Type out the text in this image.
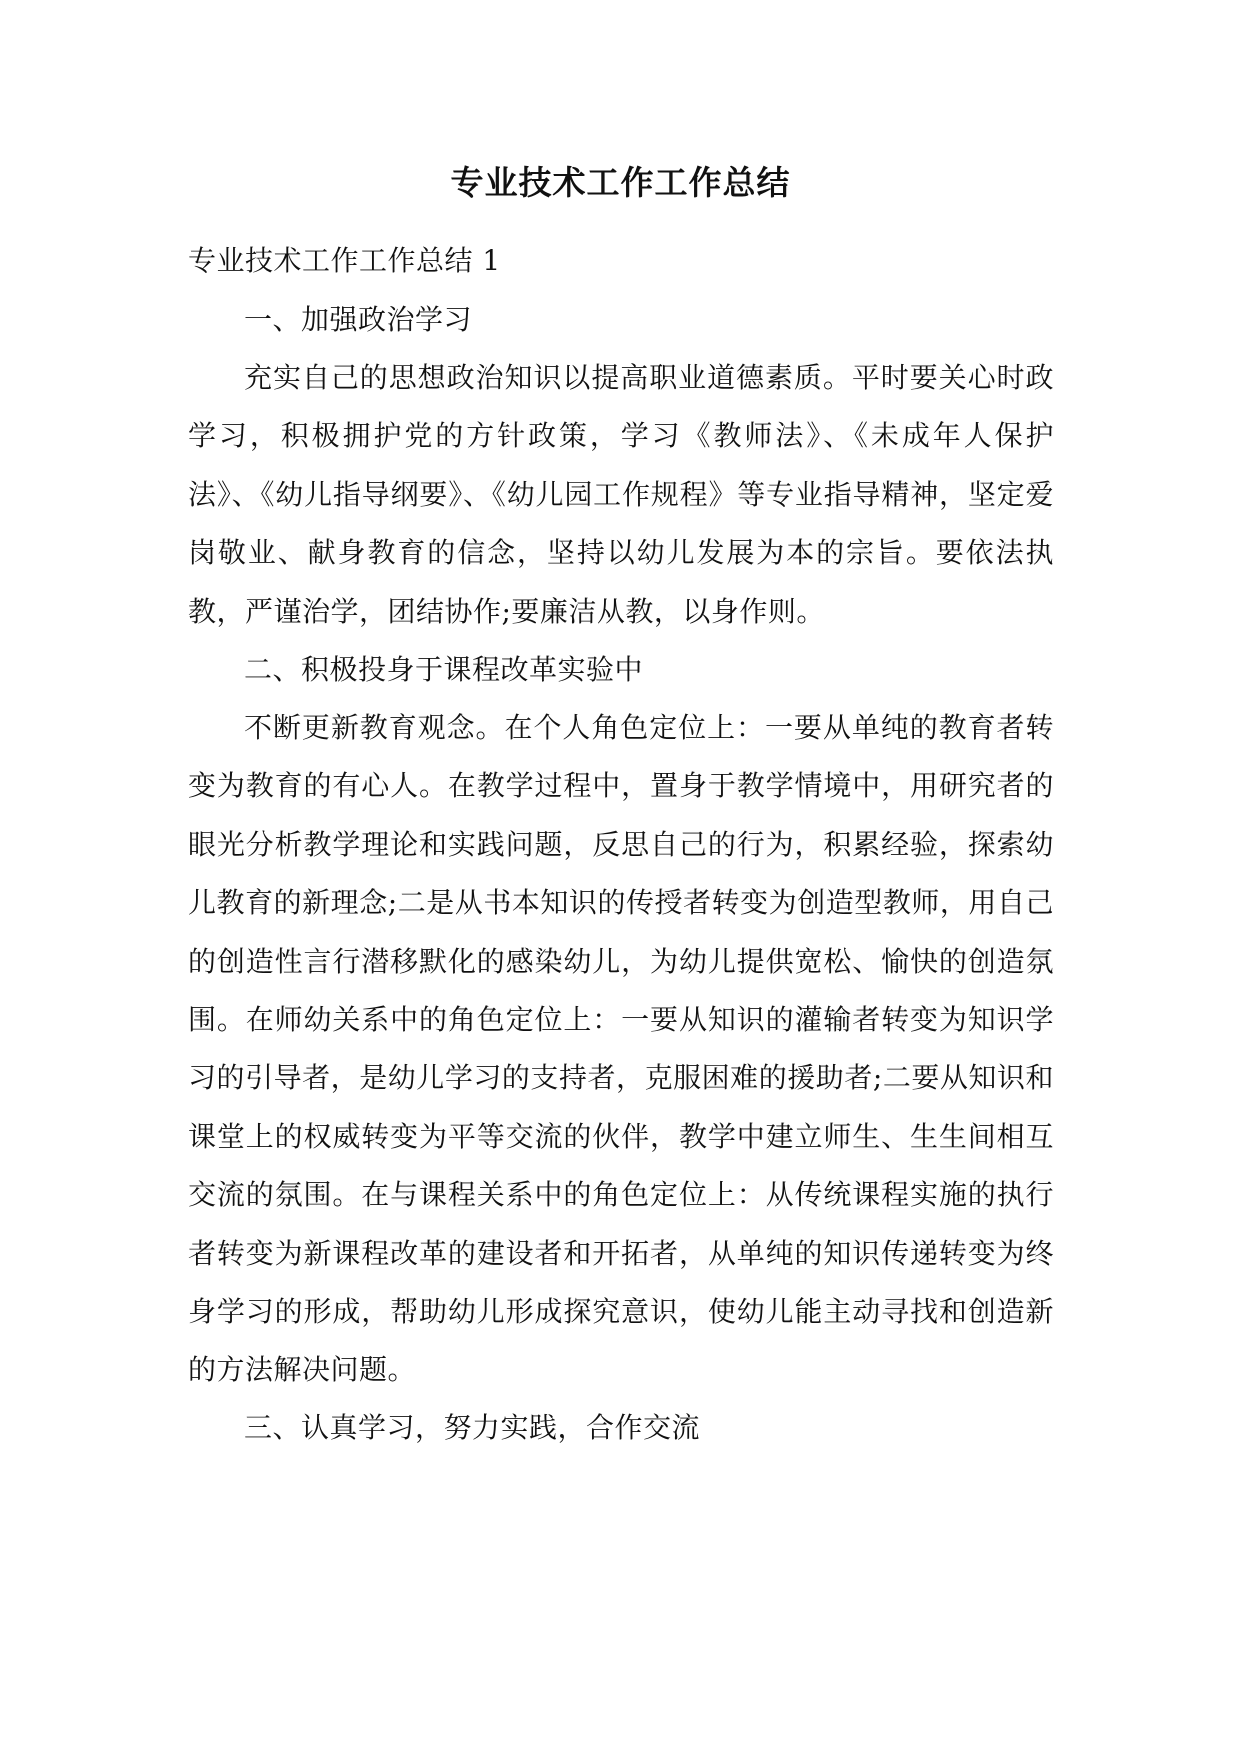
专业技术工作工作总结
专业技术工作工作总结 1
一、加强政治学习
充实自己的思想政治知识以提高职业道德素质。平时要关心时政学习，积极拥护党的方针政策，学习《教师法》、《未成年人保护法》、《幼儿指导纲要》、《幼儿园工作规程》等专业指导精神，坚定爱岗敬业、献身教育的信念，坚持以幼儿发展为本的宗旨。要依法执教，严谨治学，团结协作;要廉洁从教，以身作则。
二、积极投身于课程改革实验中
不断更新教育观念。在个人角色定位上：一要从单纯的教育者转变为教育的有心人。在教学过程中，置身于教学情境中，用研究者的眼光分析教学理论和实践问题，反思自己的行为，积累经验，探索幼儿教育的新理念;二是从书本知识的传授者转变为创造型教师，用自己的创造性言行潜移默化的感染幼儿，为幼儿提供宽松、愉快的创造氛围。在师幼关系中的角色定位上：一要从知识的灌输者转变为知识学习的引导者，是幼儿学习的支持者，克服困难的援助者;二要从知识和课堂上的权威转变为平等交流的伙伴，教学中建立师生、生生间相互交流的氛围。在与课程关系中的角色定位上：从传统课程实施的执行者转变为新课程改革的建设者和开拓者，从单纯的知识传递转变为终身学习的形成，帮助幼儿形成探究意识，使幼儿能主动寻找和创造新的方法解决问题。
三、认真学习，努力实践，合作交流
